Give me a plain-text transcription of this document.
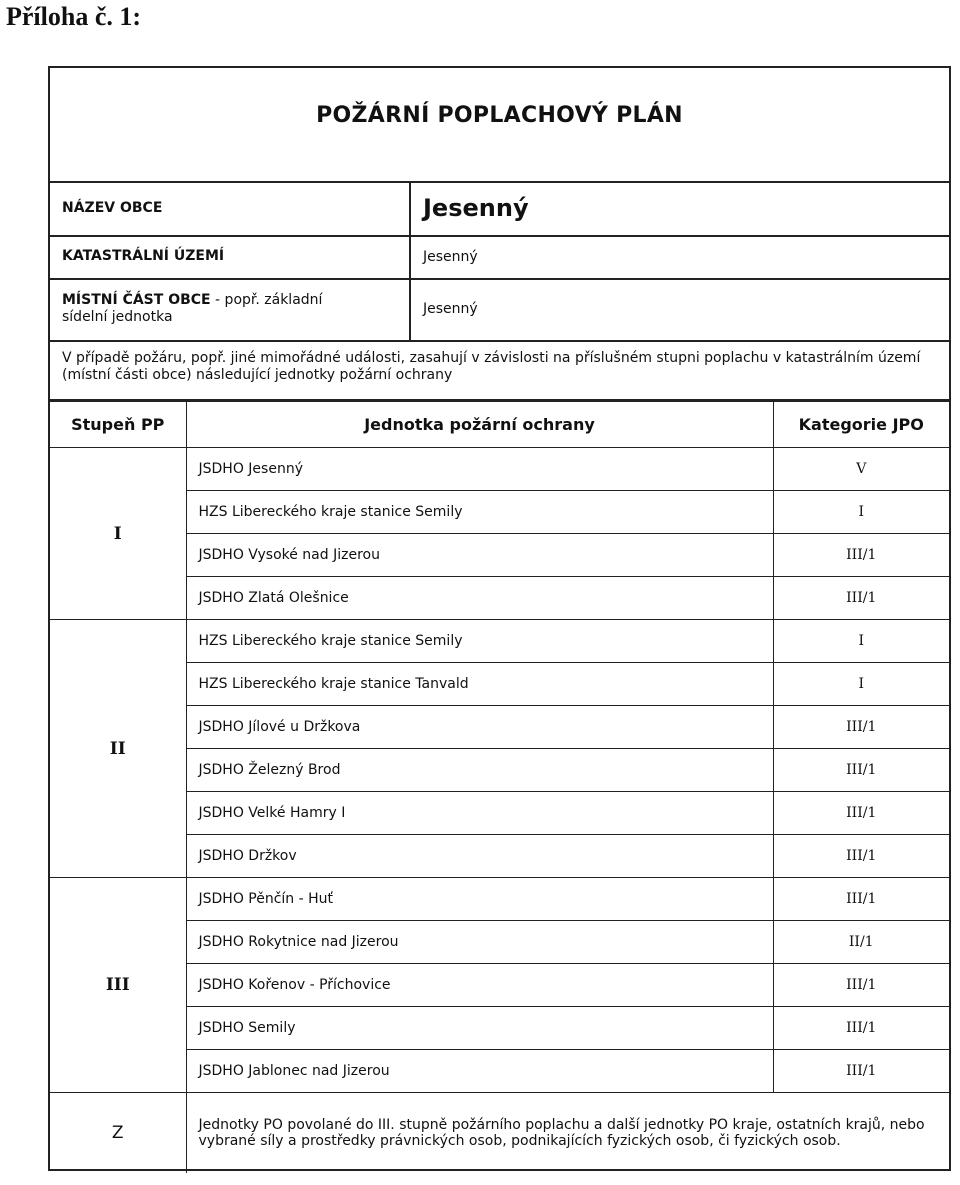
Příloha č. 1:
POŽÁRNÍ POPLACHOVÝ PLÁN
NÁZEV OBCE	Jesenný
KATASTRÁLNÍ ÚZEMÍ	Jesenný
MÍSTNÍ ČÁST OBCE - popř. základní sídelní jednotka	Jesenný
V případě požáru, popř. jiné mimořádné události, zasahují v závislosti na příslušném stupni poplachu v katastrálním území (místní části obce) následující jednotky požární ochrany
Stupeň PP	Jednotka požární ochrany	Kategorie JPO
I	JSDHO Jesenný	V
	HZS Libereckého kraje stanice Semily	I
	JSDHO Vysoké nad Jizerou	III/1
	JSDHO Zlatá Olešnice	III/1
II	HZS Libereckého kraje stanice Semily	I
	HZS Libereckého kraje stanice Tanvald	I
	JSDHO Jílové u Držkova	III/1
	JSDHO Železný Brod	III/1
	JSDHO Velké Hamry I	III/1
	JSDHO Držkov	III/1
III	JSDHO Pěnčín - Huť	III/1
	JSDHO Rokytnice nad Jizerou	II/1
	JSDHO Kořenov - Příchovice	III/1
	JSDHO Semily	III/1
	JSDHO Jablonec nad Jizerou	III/1
Z	Jednotky PO povolané do III. stupně požárního poplachu a další jednotky PO kraje, ostatních krajů, nebo vybrané síly a prostředky právnických osob, podnikajících fyzických osob, či fyzických osob.	
